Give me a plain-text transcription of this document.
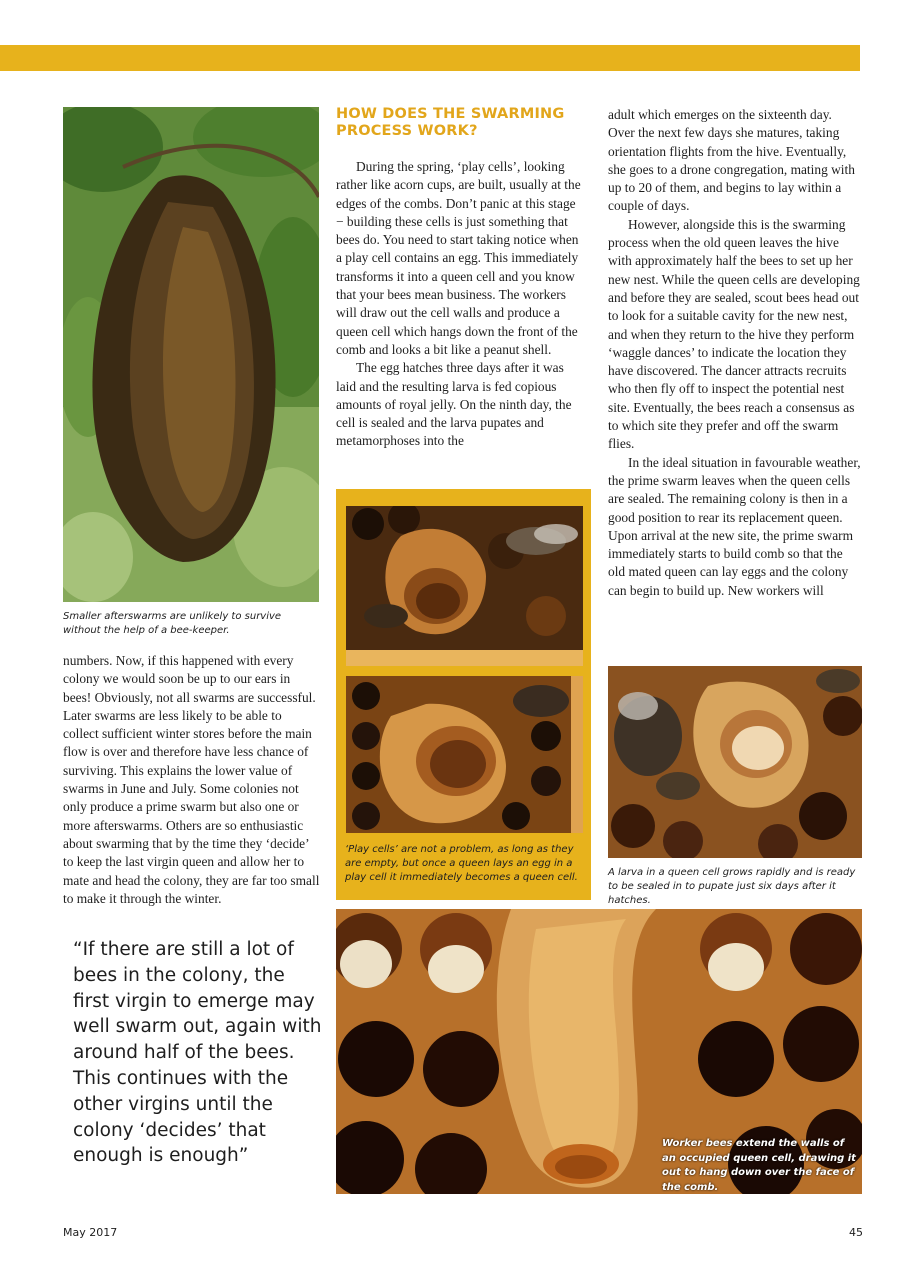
Smaller afterswarms are unlikely to survive without the help of a bee-keeper.

numbers. Now, if this happened with every colony we would soon be up to our ears in bees! Obviously, not all swarms are successful. Later swarms are less likely to be able to collect sufficient winter stores before the main flow is over and therefore have less chance of surviving. This explains the lower value of swarms in June and July. Some colonies not only produce a prime swarm but also one or more afterswarms. Others are so enthusiastic about swarming that by the time they ‘decide’ to keep the last virgin queen and allow her to mate and head the colony, they are far too small to make it through the winter.

“If there are still a lot of bees in the colony, the first virgin to emerge may well swarm out, again with around half of the bees. This continues with the other virgins until the colony ‘decides’ that enough is enough”

HOW DOES THE SWARMING PROCESS WORK?

During the spring, ‘play cells’, looking rather like acorn cups, are built, usually at the edges of the combs. Don’t panic at this stage − building these cells is just something that bees do. You need to start taking notice when a play cell contains an egg. This immediately transforms it into a queen cell and you know that your bees mean business. The workers will draw out the cell walls and produce a queen cell which hangs down the front of the comb and looks a bit like a peanut shell.

The egg hatches three days after it was laid and the resulting larva is fed copious amounts of royal jelly. On the ninth day, the cell is sealed and the larva pupates and metamorphoses into the

‘Play cells’ are not a problem, as long as they are empty, but once a queen lays an egg in a play cell it immediately becomes a queen cell.

adult which emerges on the sixteenth day. Over the next few days she matures, taking orientation flights from the hive. Eventually, she goes to a drone congregation, mating with up to 20 of them, and begins to lay within a couple of days.

However, alongside this is the swarming process when the old queen leaves the hive with approximately half the bees to set up her new nest. While the queen cells are developing and before they are sealed, scout bees head out to look for a suitable cavity for the new nest, and when they return to the hive they perform ‘waggle dances’ to indicate the location they have discovered. The dancer attracts recruits who then fly off to inspect the potential nest site. Eventually, the bees reach a consensus as to which site they prefer and off the swarm flies.

In the ideal situation in favourable weather, the prime swarm leaves when the queen cells are sealed. The remaining colony is then in a good position to rear its replacement queen. Upon arrival at the new site, the prime swarm immediately starts to build comb so that the old mated queen can lay eggs and the colony can begin to build up. New workers will

A larva in a queen cell grows rapidly and is ready to be sealed in to pupate just six days after it hatches.

Worker bees extend the walls of an occupied queen cell, drawing it out to hang down over the face of the comb.

May 2017	45
